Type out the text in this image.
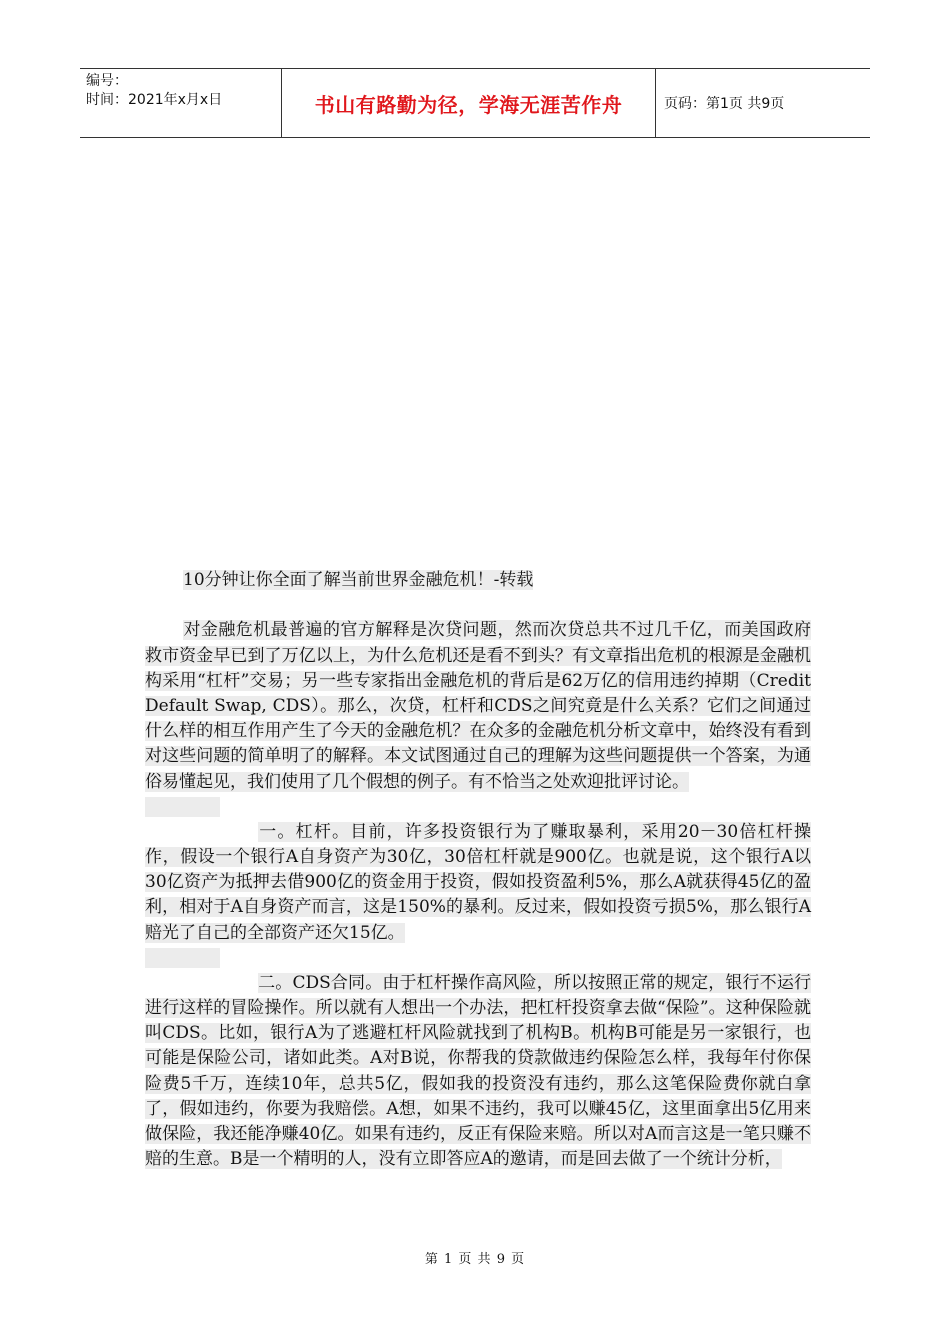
编号：
时间：2021年x月x日	书山有路勤为径，学海无涯苦作舟	页码：第1页 共9页
10分钟让你全面了解当前世界金融危机！-转载
对金融危机最普遍的官方解释是次贷问题，然而次贷总共不过几千亿，而美国政府救市资金早已到了万亿以上，为什么危机还是看不到头？有文章指出危机的根源是金融机构采用“杠杆”交易；另一些专家指出金融危机的背后是62万亿的信用违约掉期（Credit Default Swap, CDS）。那么，次贷，杠杆和CDS之间究竟是什么关系？它们之间通过什么样的相互作用产生了今天的金融危机？在众多的金融危机分析文章中，始终没有看到对这些问题的简单明了的解释。本文试图通过自己的理解为这些问题提供一个答案，为通俗易懂起见，我们使用了几个假想的例子。有不恰当之处欢迎批评讨论。
一。杠杆。目前，许多投资银行为了赚取暴利，采用20－30倍杠杆操作，假设一个银行A自身资产为30亿，30倍杠杆就是900亿。也就是说，这个银行A以 30亿资产为抵押去借900亿的资金用于投资，假如投资盈利5%，那么A就获得45亿的盈利，相对于A自身资产而言，这是150%的暴利。反过来，假如投资亏损5%，那么银行A赔光了自己的全部资产还欠15亿。
二。CDS合同。由于杠杆操作高风险，所以按照正常的规定，银行不运行进行这样的冒险操作。所以就有人想出一个办法，把杠杆投资拿去做“保险”。这种保险就叫CDS。比如，银行A为了逃避杠杆风险就找到了机构B。机构B可能是另一家银行，也可能是保险公司，诸如此类。A对B说，你帮我的贷款做违约保险怎么样，我每年付你保险费5千万，连续10年，总共5亿，假如我的投资没有违约，那么这笔保险费你就白拿了，假如违约，你要为我赔偿。A想，如果不违约，我可以赚45亿，这里面拿出5亿用来做保险，我还能净赚40亿。如果有违约，反正有保险来赔。所以对A而言这是一笔只赚不赔的生意。B是一个精明的人，没有立即答应A的邀请，而是回去做了一个统计分析，
第 1 页 共 9 页
